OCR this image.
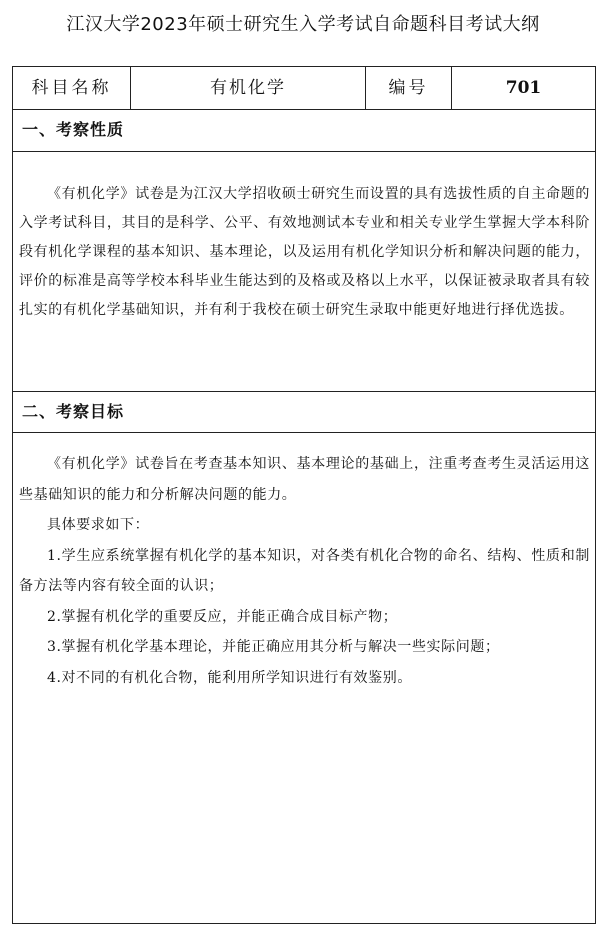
江汉大学2023年硕士研究生入学考试自命题科目考试大纲
科目名称	有机化学	编号	701
一、考察性质

《有机化学》试卷是为江汉大学招收硕士研究生而设置的具有选拔性质的自主命题的入学考试科目，其目的是科学、公平、有效地测试本专业和相关专业学生掌握大学本科阶段有机化学课程的基本知识、基本理论，以及运用有机化学知识分析和解决问题的能力，评价的标准是高等学校本科毕业生能达到的及格或及格以上水平，以保证被录取者具有较扎实的有机化学基础知识，并有利于我校在硕士研究生录取中能更好地进行择优选拔。

二、考察目标

《有机化学》试卷旨在考查基本知识、基本理论的基础上，注重考查考生灵活运用这些基础知识的能力和分析解决问题的能力。

具体要求如下：

1.学生应系统掌握有机化学的基本知识，对各类有机化合物的命名、结构、性质和制备方法等内容有较全面的认识；

2.掌握有机化学的重要反应，并能正确合成目标产物；

3.掌握有机化学基本理论，并能正确应用其分析与解决一些实际问题；

4.对不同的有机化合物，能利用所学知识进行有效鉴别。
